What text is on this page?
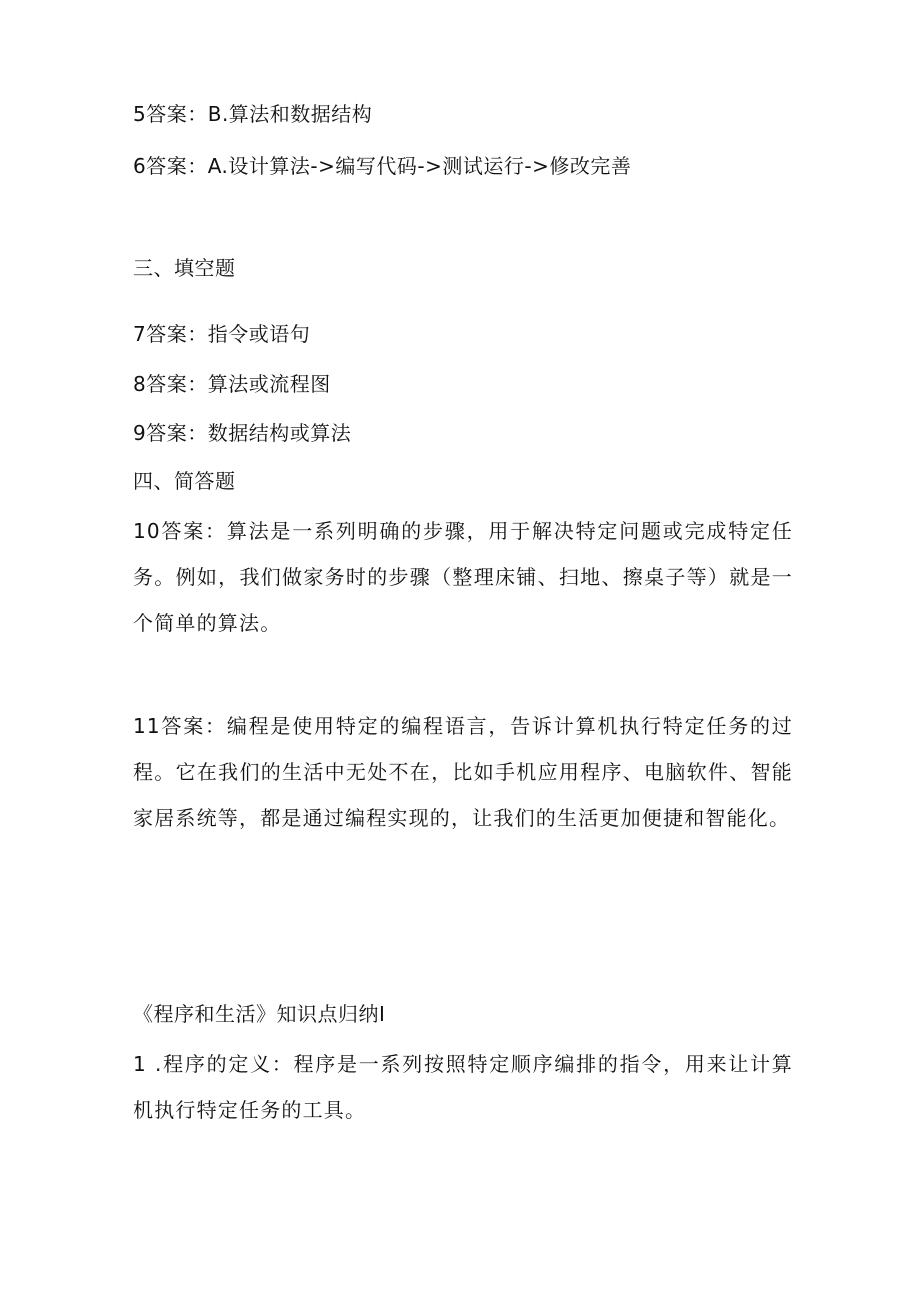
5答案：B.算法和数据结构
6答案：A.设计算法->编写代码->测试运行->修改完善
三、填空题
7答案：指令或语句
8答案：算法或流程图
9答案：数据结构或算法
四、简答题
10答案：算法是一系列明确的步骤，用于解决特定问题或完成特定任务。例如，我们做家务时的步骤（整理床铺、扫地、擦桌子等）就是一个简单的算法。
11答案：编程是使用特定的编程语言，告诉计算机执行特定任务的过程。它在我们的生活中无处不在，比如手机应用程序、电脑软件、智能家居系统等，都是通过编程实现的，让我们的生活更加便捷和智能化。
《程序和生活》知识点归纳I
1 .程序的定义：程序是一系列按照特定顺序编排的指令，用来让计算机执行特定任务的工具。
